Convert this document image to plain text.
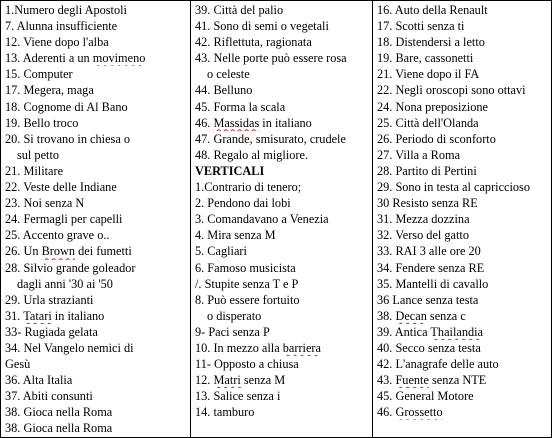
1.Numero degli Apostoli
7. Alunna insufficiente
12. Viene dopo l'alba
13. Aderenti a un movimeno
15. Computer
17. Megera, maga
18. Cognome di Al Bano
19. Bello troco
20. Si trovano in chiesa o
sul petto
21. Militare
22. Veste delle Indiane
23. Noi senza N
24. Fermagli per capelli
25. Accento grave o..
26. Un Brown dei fumetti
28. Silvio grande goleador
dagli anni '30 ai '50
29. Urla strazianti
31. Tatari in italiano
33- Rugiada gelata
34. Nel Vangelo nemici di
Gesù
36. Alta Italia
37. Abiti consunti
38. Gioca nella Roma
38. Gioca nella Roma

39. Città del palio
41. Sono di semi o vegetali
42. Riflettuta, ragionata
43. Nelle porte può essere rosa
o celeste
44. Belluno
45. Forma la scala
46. Massidas in italiano
47. Grande, smisurato, crudele
48. Regalo al migliore.
VERTICALI
1.Contrario di tenero;
2. Pendono dai lobi
3. Comandavano a Venezia
4. Mira senza M
5. Cagliari
6. Famoso musicista
/. Stupite senza T e P
8. Può essere fortuito
o disperato
9- Paci senza P
10. In mezzo alla barriera
11- Opposto a chiusa
12. Matri senza M
13. Salice senza i
14. tamburo

16. Auto della Renault
17. Scotti senza ti
18. Distendersi a letto
19. Bare, cassonetti
21. Viene dopo il FA
22. Negli oroscopi sono ottavi
24. Nona preposizione
25. Città dell'Olanda
26. Periodo di sconforto
27. Villa a Roma
28. Partito di Pertini
29. Sono in testa al capriccioso
30 Resisto senza RE
31. Mezza dozzina
32. Verso del gatto
33. RAI 3 alle ore 20
34. Fendere senza RE
35. Mantelli di cavallo
36 Lance senza testa
38. Decan senza c
39. Antica Thailandia
40. Secco senza testa
42. L'anagrafe delle auto
43. Fuente senza NTE
45. General Motore
46. Grossetto
